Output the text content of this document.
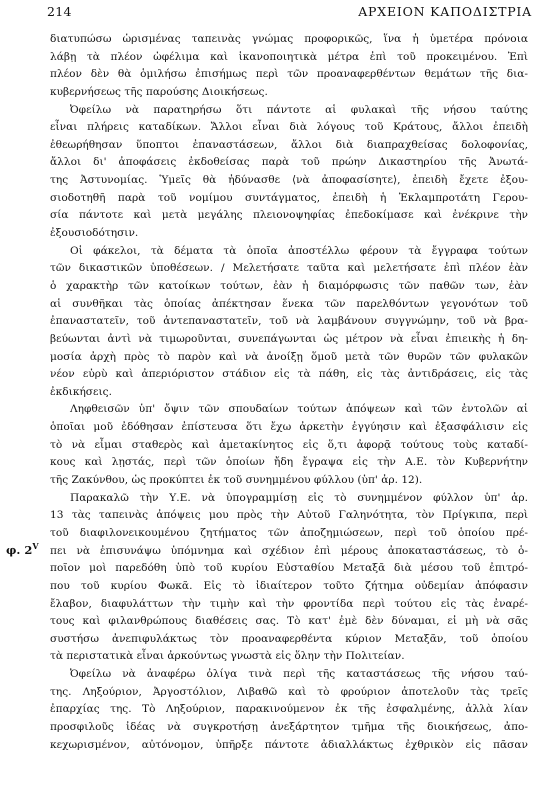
214	ΑΡΧΕΙΟΝ ΚΑΠΟΔΙΣΤΡΙΑ
φ. $2^V$
διατυπώσω ὡρισμένας ταπεινὰς γνώμας προφορικῶς, ἵνα ἡ ὑμετέρα πρόνοια
λάβῃ τὰ πλέον ὠφέλιμα καὶ ἱκανοποιητικὰ μέτρα ἐπὶ τοῦ προκειμένου. Ἐπὶ
πλέον δὲν θὰ ὁμιλήσω ἐπισήμως περὶ τῶν προαναφερθέντων θεμάτων τῆς δια-
κυβερνήσεως τῆς παρούσης Διοικήσεως.
Ὀφείλω νὰ παρατηρήσω ὅτι πάντοτε αἱ φυλακαὶ τῆς νήσου ταύτης
εἶναι πλήρεις καταδίκων. Ἄλλοι εἶναι διὰ λόγους τοῦ Κράτους, ἄλλοι ἐπειδὴ
ἐθεωρήθησαν ὕποπτοι ἐπαναστάσεων, ἄλλοι διὰ διαπραχθείσας δολοφονίας,
ἄλλοι δι' ἀποφάσεις ἐκδοθείσας παρὰ τοῦ πρώην Δικαστηρίου τῆς Ἀνωτά-
της Ἀστυνομίας. Ὑμεῖς θὰ ἠδύνασθε ⟨νὰ ἀποφασίσητε⟩, ἐπειδὴ ἔχετε ἐξου-
σιοδοτηθῆ παρὰ τοῦ νομίμου συντάγματος, ἐπειδὴ ἡ Ἐκλαμπροτάτη Γερου-
σία πάντοτε καὶ μετὰ μεγάλης πλειονοψηφίας ἐπεδοκίμασε καὶ ἐνέκρινε τὴν
ἐξουσιοδότησιν.
Οἱ φάκελοι, τὰ δέματα τὰ ὁποῖα ἀποστέλλω φέρουν τὰ ἔγγραφα τούτων
τῶν δικαστικῶν ὑποθέσεων. / Μελετήσατε ταῦτα καὶ μελετήσατε ἐπὶ πλέον ἐὰν
ὁ χαρακτὴρ τῶν κατοίκων τούτων, ἐὰν ἡ διαμόρφωσις τῶν παθῶν των, ἐὰν
αἱ συνθῆκαι τὰς ὁποίας ἀπέκτησαν ἕνεκα τῶν παρελθόντων γεγονότων τοῦ
ἐπαναστατεῖν, τοῦ ἀντεπαναστατεῖν, τοῦ νὰ λαμβάνουν συγγνώμην, τοῦ νὰ βρα-
βεύωνται ἀντὶ νὰ τιμωροῦνται, συνεπάγωνται ὡς μέτρον νὰ εἶναι ἐπιεικὴς ἡ δη-
μοσία ἀρχὴ πρὸς τὸ παρὸν καὶ νὰ ἀνοίξῃ ὅμοῦ μετὰ τῶν θυρῶν τῶν φυλακῶν
νέον εὐρὺ καὶ ἀπεριόριστον στάδιον εἰς τὰ πάθη, εἰς τὰς ἀντιδράσεις, εἰς τὰς
ἐκδικήσεις.
Ληφθεισῶν ὑπ' ὄψιν τῶν σπουδαίων τούτων ἀπόψεων καὶ τῶν ἐντολῶν αἱ
ὁποῖαι μοῦ ἐδόθησαν ἐπίστευσα ὅτι ἔχω ἀρκετὴν ἐγγύησιν καὶ ἐξασφάλισιν εἰς
τὸ νὰ εἶμαι σταθερὸς καὶ ἀμετακίνητος εἰς ὅ,τι ἀφορᾷ τούτους τοὺς καταδί-
κους καὶ λῃστάς, περὶ τῶν ὁποίων ἤδη ἔγραψα εἰς τὴν Α.Ε. τὸν Κυβερνήτην
τῆς Ζακύνθου, ὡς προκύπτει ἐκ τοῦ συνημμένου φύλλου (ὑπ' ἀρ. 12).
Παρακαλῶ τὴν Υ.Ε. νὰ ὑπογραμμίσῃ εἰς τὸ συνημμένον φύλλον ὑπ' ἀρ.
13 τὰς ταπεινὰς ἀπόψεις μου πρὸς τὴν Αὐτοῦ Γαληνότητα, τὸν Πρίγκιπα, περὶ
τοῦ διαφιλονεικουμένου ζητήματος τῶν ἀποζημιώσεων, περὶ τοῦ ὁποίου πρέ-
πει νὰ ἐπισυνάψω ὑπόμνημα καὶ σχέδιον ἐπὶ μέρους ἀποκαταστάσεως, τὸ ὁ-
ποῖον μοὶ παρεδόθη ὑπὸ τοῦ κυρίου Εὐσταθίου Μεταξᾶ διὰ μέσου τοῦ ἐπιτρό-
που τοῦ κυρίου Φωκᾶ. Εἰς τὸ ἰδιαίτερον τοῦτο ζήτημα οὐδεμίαν ἀπόφασιν
ἔλαβον, διαφυλάττων τὴν τιμὴν καὶ τὴν φροντίδα περὶ τούτου εἰς τὰς ἐναρέ-
τους καὶ φιλανθρώπους διαθέσεις σας. Τὸ κατ' ἐμὲ δὲν δύναμαι, εἰ μὴ νὰ σᾶς
συστήσω ἀνεπιφυλάκτως τὸν προαναφερθέντα κύριον Μεταξᾶν, τοῦ ὁποίου
τὰ περιστατικὰ εἶναι ἀρκούντως γνωστὰ εἰς ὅλην τὴν Πολιτείαν.
Ὀφείλω νὰ ἀναφέρω ὀλίγα τινὰ περὶ τῆς καταστάσεως τῆς νήσου ταύ-
της. Ληξούριον, Ἀργοστόλιον, Λιβαθῶ καὶ τὸ φρούριον ἀποτελοῦν τὰς τρεῖς
ἐπαρχίας της. Τὸ Ληξούριον, παρακινούμενον ἐκ τῆς ἐσφαλμένης, ἀλλὰ λίαν
προσφιλοῦς ἰδέας νὰ συγκροτήσῃ ἀνεξάρτητον τμῆμα τῆς διοικήσεως, ἀπο-
κεχωρισμένον, αὐτόνομον, ὑπῆρξε πάντοτε ἀδιαλλάκτως ἐχθρικὸν εἰς πᾶσαν
